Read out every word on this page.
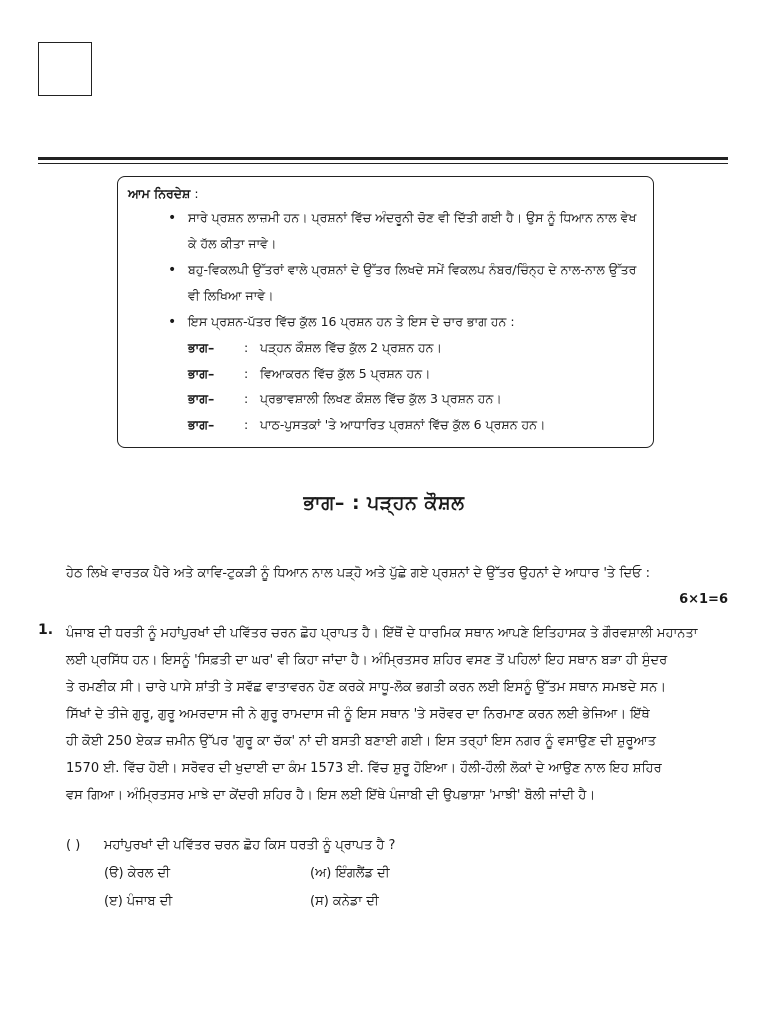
ਆਮ ਨਿਰਦੇਸ਼ :
• ਸਾਰੇ ਪ੍ਰਸ਼ਨ ਲਾਜ਼ਮੀ ਹਨ। ਪ੍ਰਸ਼ਨਾਂ ਵਿੱਚ ਅੰਦਰੂਨੀ ਚੋਣ ਵੀ ਦਿੱਤੀ ਗਈ ਹੈ। ਉਸ ਨੂੰ ਧਿਆਨ ਨਾਲ ਵੇਖ ਕੇ ਹੱਲ ਕੀਤਾ ਜਾਵੇ।
• ਬਹੁ-ਵਿਕਲਪੀ ਉੱਤਰਾਂ ਵਾਲੇ ਪ੍ਰਸ਼ਨਾਂ ਦੇ ਉੱਤਰ ਲਿਖਦੇ ਸਮੇਂ ਵਿਕਲਪ ਨੰਬਰ/ਚਿੰਨ੍ਹ ਦੇ ਨਾਲ-ਨਾਲ ਉੱਤਰ ਵੀ ਲਿਖਿਆ ਜਾਵੇ।
• ਇਸ ਪ੍ਰਸ਼ਨ-ਪੱਤਰ ਵਿੱਚ ਕੁੱਲ 16 ਪ੍ਰਸ਼ਨ ਹਨ ਤੇ ਇਸ ਦੇ ਚਾਰ ਭਾਗ ਹਨ :
ਭਾਗ– : ਪੜ੍ਹਨ ਕੌਸ਼ਲ ਵਿੱਚ ਕੁੱਲ 2 ਪ੍ਰਸ਼ਨ ਹਨ।
ਭਾਗ– : ਵਿਆਕਰਨ ਵਿੱਚ ਕੁੱਲ 5 ਪ੍ਰਸ਼ਨ ਹਨ।
ਭਾਗ– : ਪ੍ਰਭਾਵਸ਼ਾਲੀ ਲਿਖਣ ਕੌਸ਼ਲ ਵਿੱਚ ਕੁੱਲ 3 ਪ੍ਰਸ਼ਨ ਹਨ।
ਭਾਗ– : ਪਾਠ-ਪੁਸਤਕਾਂ 'ਤੇ ਆਧਾਰਿਤ ਪ੍ਰਸ਼ਨਾਂ ਵਿੱਚ ਕੁੱਲ 6 ਪ੍ਰਸ਼ਨ ਹਨ।
ਭਾਗ– : ਪੜ੍ਹਨ ਕੌਸ਼ਲ
ਹੇਠ ਲਿਖੇ ਵਾਰਤਕ ਪੈਰੇ ਅਤੇ ਕਾਵਿ-ਟੁਕੜੀ ਨੂੰ ਧਿਆਨ ਨਾਲ ਪੜ੍ਹੋ ਅਤੇ ਪੁੱਛੇ ਗਏ ਪ੍ਰਸ਼ਨਾਂ ਦੇ ਉੱਤਰ ਉਹਨਾਂ ਦੇ ਆਧਾਰ 'ਤੇ ਦਿਓ :
6×1=6
1. ਪੰਜਾਬ ਦੀ ਧਰਤੀ ਨੂੰ ਮਹਾਂਪੁਰਖਾਂ ਦੀ ਪਵਿੱਤਰ ਚਰਨ ਛੋਹ ਪ੍ਰਾਪਤ ਹੈ। ਇੱਥੋਂ ਦੇ ਧਾਰਮਿਕ ਸਥਾਨ ਆਪਣੇ ਇਤਿਹਾਸਕ ਤੇ ਗੌਰਵਸ਼ਾਲੀ ਮਹਾਨਤਾ
ਲਈ ਪ੍ਰਸਿੱਧ ਹਨ। ਇਸਨੂੰ 'ਸਿਫ਼ਤੀ ਦਾ ਘਰ' ਵੀ ਕਿਹਾ ਜਾਂਦਾ ਹੈ। ਅੰਮ੍ਰਿਤਸਰ ਸ਼ਹਿਰ ਵਸਣ ਤੋਂ ਪਹਿਲਾਂ ਇਹ ਸਥਾਨ ਬੜਾ ਹੀ ਸੁੰਦਰ
ਤੇ ਰਮਣੀਕ ਸੀ। ਚਾਰੇ ਪਾਸੇ ਸ਼ਾਂਤੀ ਤੇ ਸਵੱਛ ਵਾਤਾਵਰਨ ਹੋਣ ਕਰਕੇ ਸਾਧੂ-ਲੋਕ ਭਗਤੀ ਕਰਨ ਲਈ ਇਸਨੂੰ ਉੱਤਮ ਸਥਾਨ ਸਮਝਦੇ ਸਨ।
ਸਿੱਖਾਂ ਦੇ ਤੀਜੇ ਗੁਰੂ, ਗੁਰੂ ਅਮਰਦਾਸ ਜੀ ਨੇ ਗੁਰੂ ਰਾਮਦਾਸ ਜੀ ਨੂੰ ਇਸ ਸਥਾਨ 'ਤੇ ਸਰੋਵਰ ਦਾ ਨਿਰਮਾਣ ਕਰਨ ਲਈ ਭੇਜਿਆ। ਇੱਥੇ
ਹੀ ਕੋਈ 250 ਏਕੜ ਜ਼ਮੀਨ ਉੱਪਰ 'ਗੁਰੂ ਕਾ ਚੱਕ' ਨਾਂ ਦੀ ਬਸਤੀ ਬਣਾਈ ਗਈ। ਇਸ ਤਰ੍ਹਾਂ ਇਸ ਨਗਰ ਨੂੰ ਵਸਾਉਣ ਦੀ ਸ਼ੁਰੂਆਤ
1570 ਈ. ਵਿੱਚ ਹੋਈ। ਸਰੋਵਰ ਦੀ ਖੁਦਾਈ ਦਾ ਕੰਮ 1573 ਈ. ਵਿੱਚ ਸ਼ੁਰੂ ਹੋਇਆ। ਹੌਲੀ-ਹੌਲੀ ਲੋਕਾਂ ਦੇ ਆਉਣ ਨਾਲ ਇਹ ਸ਼ਹਿਰ
ਵਸ ਗਿਆ। ਅੰਮ੍ਰਿਤਸਰ ਮਾਝੇ ਦਾ ਕੇਂਦਰੀ ਸ਼ਹਿਰ ਹੈ। ਇਸ ਲਈ ਇੱਥੇ ਪੰਜਾਬੀ ਦੀ ਉਪਭਾਸ਼ਾ 'ਮਾਝੀ' ਬੋਲੀ ਜਾਂਦੀ ਹੈ।
( ) ਮਹਾਂਪੁਰਖਾਂ ਦੀ ਪਵਿੱਤਰ ਚਰਨ ਛੋਹ ਕਿਸ ਧਰਤੀ ਨੂੰ ਪ੍ਰਾਪਤ ਹੈ ?
(ੳ) ਕੇਰਲ ਦੀ	(ਅ) ਇੰਗਲੈਂਡ ਦੀ
(ੲ) ਪੰਜਾਬ ਦੀ	(ਸ) ਕਨੇਡਾ ਦੀ
